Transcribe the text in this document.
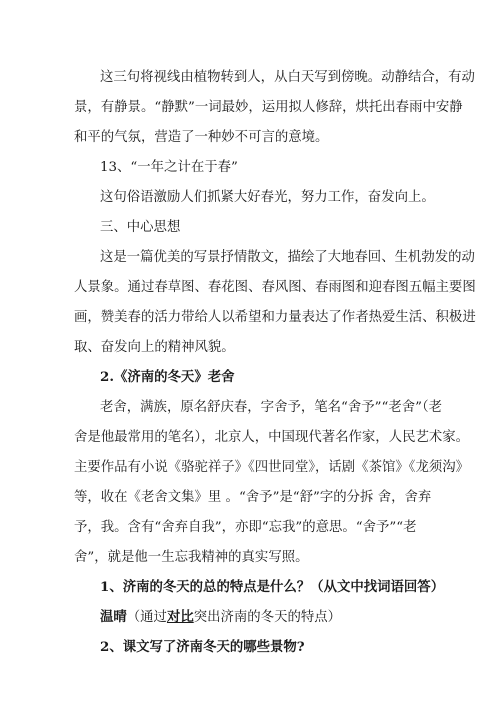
这三句将视线由植物转到人，从白天写到傍晚。动静结合，有动
景，有静景。“静默”一词最妙，运用拟人修辞，烘托出春雨中安静
和平的气氛，营造了一种妙不可言的意境。
13、“一年之计在于春”
这句俗语激励人们抓紧大好春光，努力工作，奋发向上。
三、中心思想
这是一篇优美的写景抒情散文，描绘了大地春回、生机勃发的动
人景象。通过春草图、春花图、春风图、春雨图和迎春图五幅主要图
画，赞美春的活力带给人以希望和力量表达了作者热爱生活、积极进
取、奋发向上的精神风貌。
2.《济南的冬天》老舍
老舍，满族，原名舒庆春，字舍予，笔名“舍予”“老舍”（老
舍是他最常用的笔名），北京人，中国现代著名作家，人民艺术家。
主要作品有小说《骆驼祥子》《四世同堂》，话剧《茶馆》《龙须沟》
等，收在《老舍文集》里 。“舍予”是“舒”字的分拆 舍，舍弃
予，我。含有“舍弃自我”，亦即“忘我”的意思。“舍予”“老
舍”，就是他一生忘我精神的真实写照。
1、济南的冬天的总的特点是什么？（从文中找词语回答）
温晴（通过对比突出济南的冬天的特点）
2、课文写了济南冬天的哪些景物?
